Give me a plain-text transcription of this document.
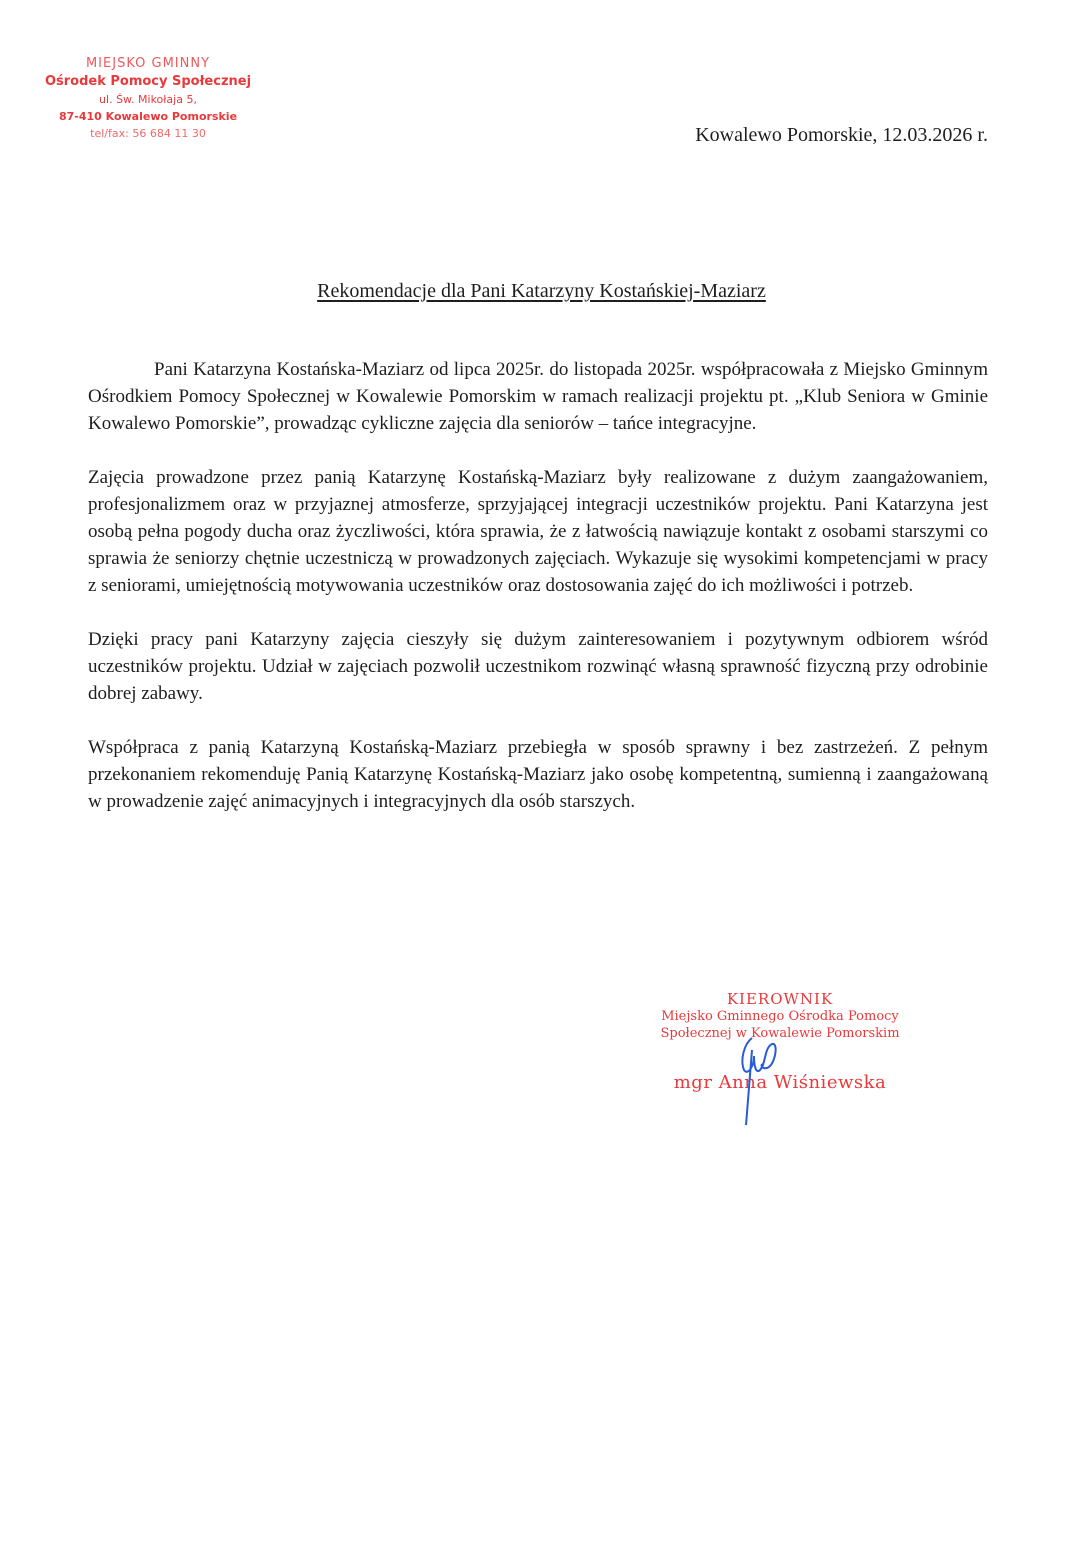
MIEJSKO GMINNY
Ośrodek Pomocy Społecznej
ul. Św. Mikołaja 5,
87-410 Kowalewo Pomorskie
tel/fax: 56 684 11 30	Kowalewo Pomorskie, 12.03.2026 r.
Rekomendacje dla Pani Katarzyny Kostańskiej-Maziarz

Pani Katarzyna Kostańska-Maziarz od lipca 2025r. do listopada 2025r. współpracowała z Miejsko Gminnym Ośrodkiem Pomocy Społecznej w Kowalewie Pomorskim w ramach realizacji projektu pt. „Klub Seniora w Gminie Kowalewo Pomorskie”, prowadząc cykliczne zajęcia dla seniorów – tańce integracyjne.

Zajęcia prowadzone przez panią Katarzynę Kostańską-Maziarz były realizowane z dużym zaangażowaniem, profesjonalizmem oraz w przyjaznej atmosferze, sprzyjającej integracji uczestników projektu. Pani Katarzyna jest osobą pełna pogody ducha oraz życzliwości, która sprawia, że z łatwością nawiązuje kontakt z osobami starszymi co sprawia że seniorzy chętnie uczestniczą w prowadzonych zajęciach. Wykazuje się wysokimi kompetencjami w pracy z seniorami, umiejętnością motywowania uczestników oraz dostosowania zajęć do ich możliwości i potrzeb.

Dzięki pracy pani Katarzyny zajęcia cieszyły się dużym zainteresowaniem i pozytywnym odbiorem wśród uczestników projektu. Udział w zajęciach pozwolił uczestnikom rozwinąć własną sprawność fizyczną przy odrobinie dobrej zabawy.

Współpraca z panią Katarzyną Kostańską-Maziarz przebiegła w sposób sprawny i bez zastrzeżeń. Z pełnym przekonaniem rekomenduję Panią Katarzynę Kostańską-Maziarz jako osobę kompetentną, sumienną i zaangażowaną w prowadzenie zajęć animacyjnych i integracyjnych dla osób starszych.

KIEROWNIK
Miejsko Gminnego Ośrodka Pomocy
Społecznej w Kowalewie Pomorskim
mgr Anna Wiśniewska
